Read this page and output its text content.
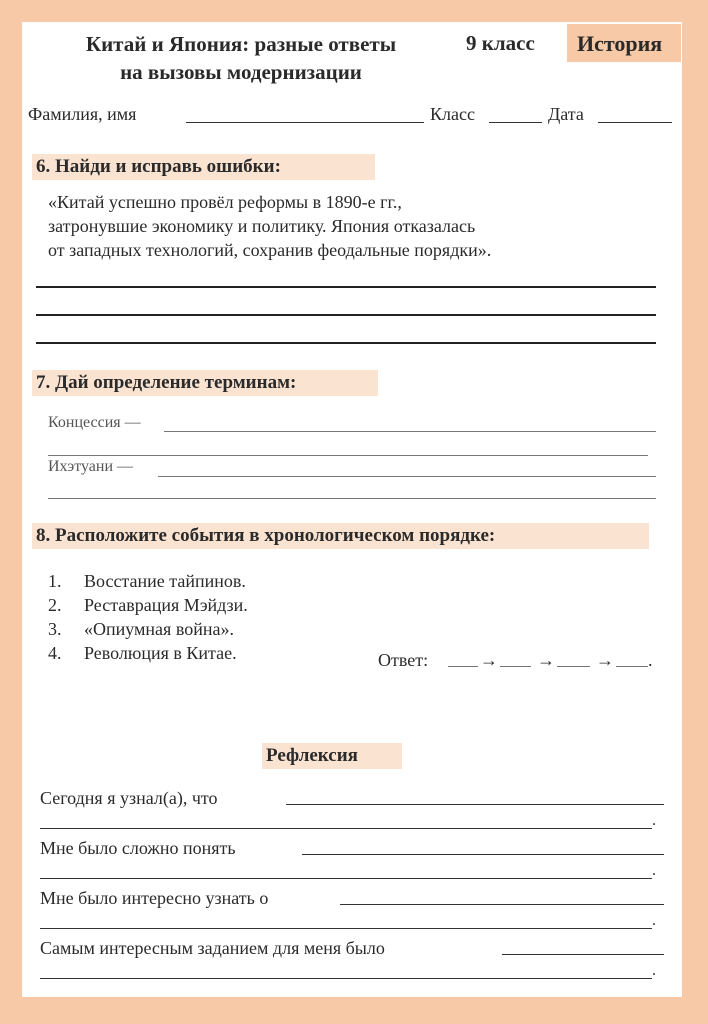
Китай и Япония: разные ответы
на вызовы модернизации
9 класс История
Фамилия, имя	Класс	Дата
6. Найди и исправь ошибки:
«Китай успешно провёл реформы в 1890-е гг.,
затронувшие экономику и политику. Япония отказалась
от западных технологий, сохранив феодальные порядки».
7. Дай определение терминам:
Концессия —
Ихэтуани —
8. Расположите события в хронологическом порядке:
1. Восстание тайпинов.
2. Реставрация Мэйдзи.
3. «Опиумная война».
4. Революция в Китае.	Ответ:	→ → → .
Рефлексия
Сегодня я узнал(а), что
.
Мне было сложно понять
.
Мне было интересно узнать о
.
Самым интересным заданием для меня было
.
